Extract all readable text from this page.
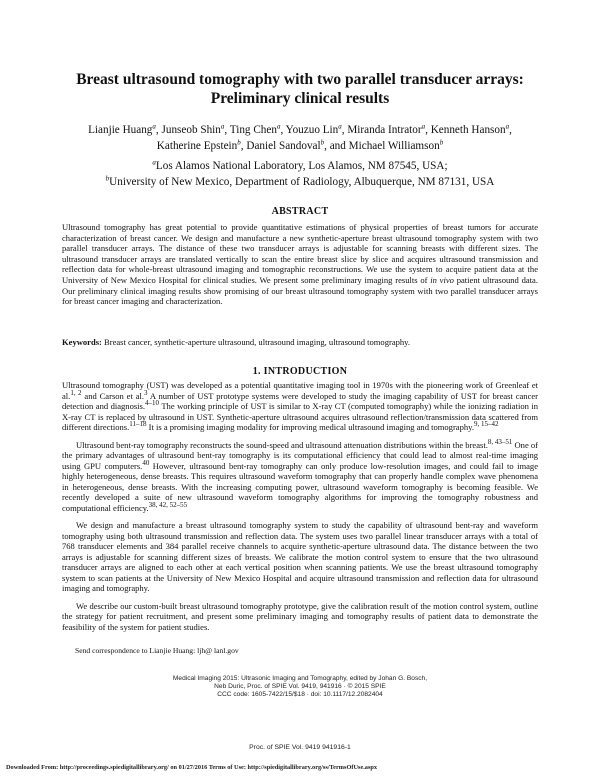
Breast ultrasound tomography with two parallel transducer arrays:
Preliminary clinical results
Lianjie Huang$^a$, Junseob Shin$^a$, Ting Chen$^a$, Youzuo Lin$^a$, Miranda Intrator$^a$, Kenneth Hanson$^a$,
Katherine Epstein$^b$, Daniel Sandoval$^b$, and Michael Williamson$^b$
$^a$Los Alamos National Laboratory, Los Alamos, NM 87545, USA;
$^b$University of New Mexico, Department of Radiology, Albuquerque, NM 87131, USA
ABSTRACT
Ultrasound tomography has great potential to provide quantitative estimations of physical properties of breast tumors for accurate characterization of breast cancer. We design and manufacture a new synthetic-aperture breast ultrasound tomography system with two parallel transducer arrays. The distance of these two transducer arrays is adjustable for scanning breasts with different sizes. The ultrasound transducer arrays are translated vertically to scan the entire breast slice by slice and acquires ultrasound transmission and reflection data for whole-breast ultrasound imaging and tomographic reconstructions. We use the system to acquire patient data at the University of New Mexico Hospital for clinical studies. We present some preliminary imaging results of in vivo patient ultrasound data. Our preliminary clinical imaging results show promising of our breast ultrasound tomography system with two parallel transducer arrays for breast cancer imaging and characterization.
Keywords: Breast cancer, synthetic-aperture ultrasound, ultrasound imaging, ultrasound tomography.
1. INTRODUCTION

Ultrasound tomography (UST) was developed as a potential quantitative imaging tool in 1970s with the pioneering work of Greenleaf et al.$^{1, 2}$ and Carson et al.$^3$ A number of UST prototype systems were developed to study the imaging capability of UST for breast cancer detection and diagnosis.$^{4-10}$ The working principle of UST is similar to X-ray CT (computed tomography) while the ionizing radiation in X-ray CT is replaced by ultrasound in UST. Synthetic-aperture ultrasound acquires ultrasound reflection/transmission data scattered from different directions.$^{11-18}$ It is a promising imaging modality for improving medical ultrasound imaging and tomography.$^{9, 15-42}$

Ultrasound bent-ray tomography reconstructs the sound-speed and ultrasound attenuation distributions within the breast.$^{8, 43-51}$ One of the primary advantages of ultrasound bent-ray tomography is its computational efficiency that could lead to almost real-time imaging using GPU computers.$^{40}$ However, ultrasound bent-ray tomography can only produce low-resolution images, and could fail to image highly heterogeneous, dense breasts. This requires ultrasound waveform tomography that can properly handle complex wave phenomena in heterogeneous, dense breasts. With the increasing computing power, ultrasound waveform tomography is becoming feasible. We recently developed a suite of new ultrasound waveform tomography algorithms for improving the tomography robustness and computational efficiency.$^{38, 42, 52-55}$

We design and manufacture a breast ultrasound tomography system to study the capability of ultrasound bent-ray and waveform tomography using both ultrasound transmission and reflection data. The system uses two parallel linear transducer arrays with a total of 768 transducer elements and 384 parallel receive channels to acquire synthetic-aperture ultrasound data. The distance between the two arrays is adjustable for scanning different sizes of breasts. We calibrate the motion control system to ensure that the two ultrasound transducer arrays are aligned to each other at each vertical position when scanning patients. We use the breast ultrasound tomography system to scan patients at the University of New Mexico Hospital and acquire ultrasound transmission and reflection data for ultrasound imaging and tomography.

We describe our custom-built breast ultrasound tomography prototype, give the calibration result of the motion control system, outline the strategy for patient recruitment, and present some preliminary imaging and tomography results of patient data to demonstrate the feasibility of the system for patient studies.

Send correspondence to Lianjie Huang: ljh@ lanl.gov
Medical Imaging 2015: Ultrasonic Imaging and Tomography, edited by Johan G. Bosch,
Neb Duric, Proc. of SPIE Vol. 9419, 941916 · © 2015 SPIE
CCC code: 1605-7422/15/$18 · doi: 10.1117/12.2082404
Proc. of SPIE Vol. 9419 941916-1
Downloaded From: http://proceedings.spiedigitallibrary.org/ on 01/27/2016 Terms of Use: http://spiedigitallibrary.org/ss/TermsOfUse.aspx
